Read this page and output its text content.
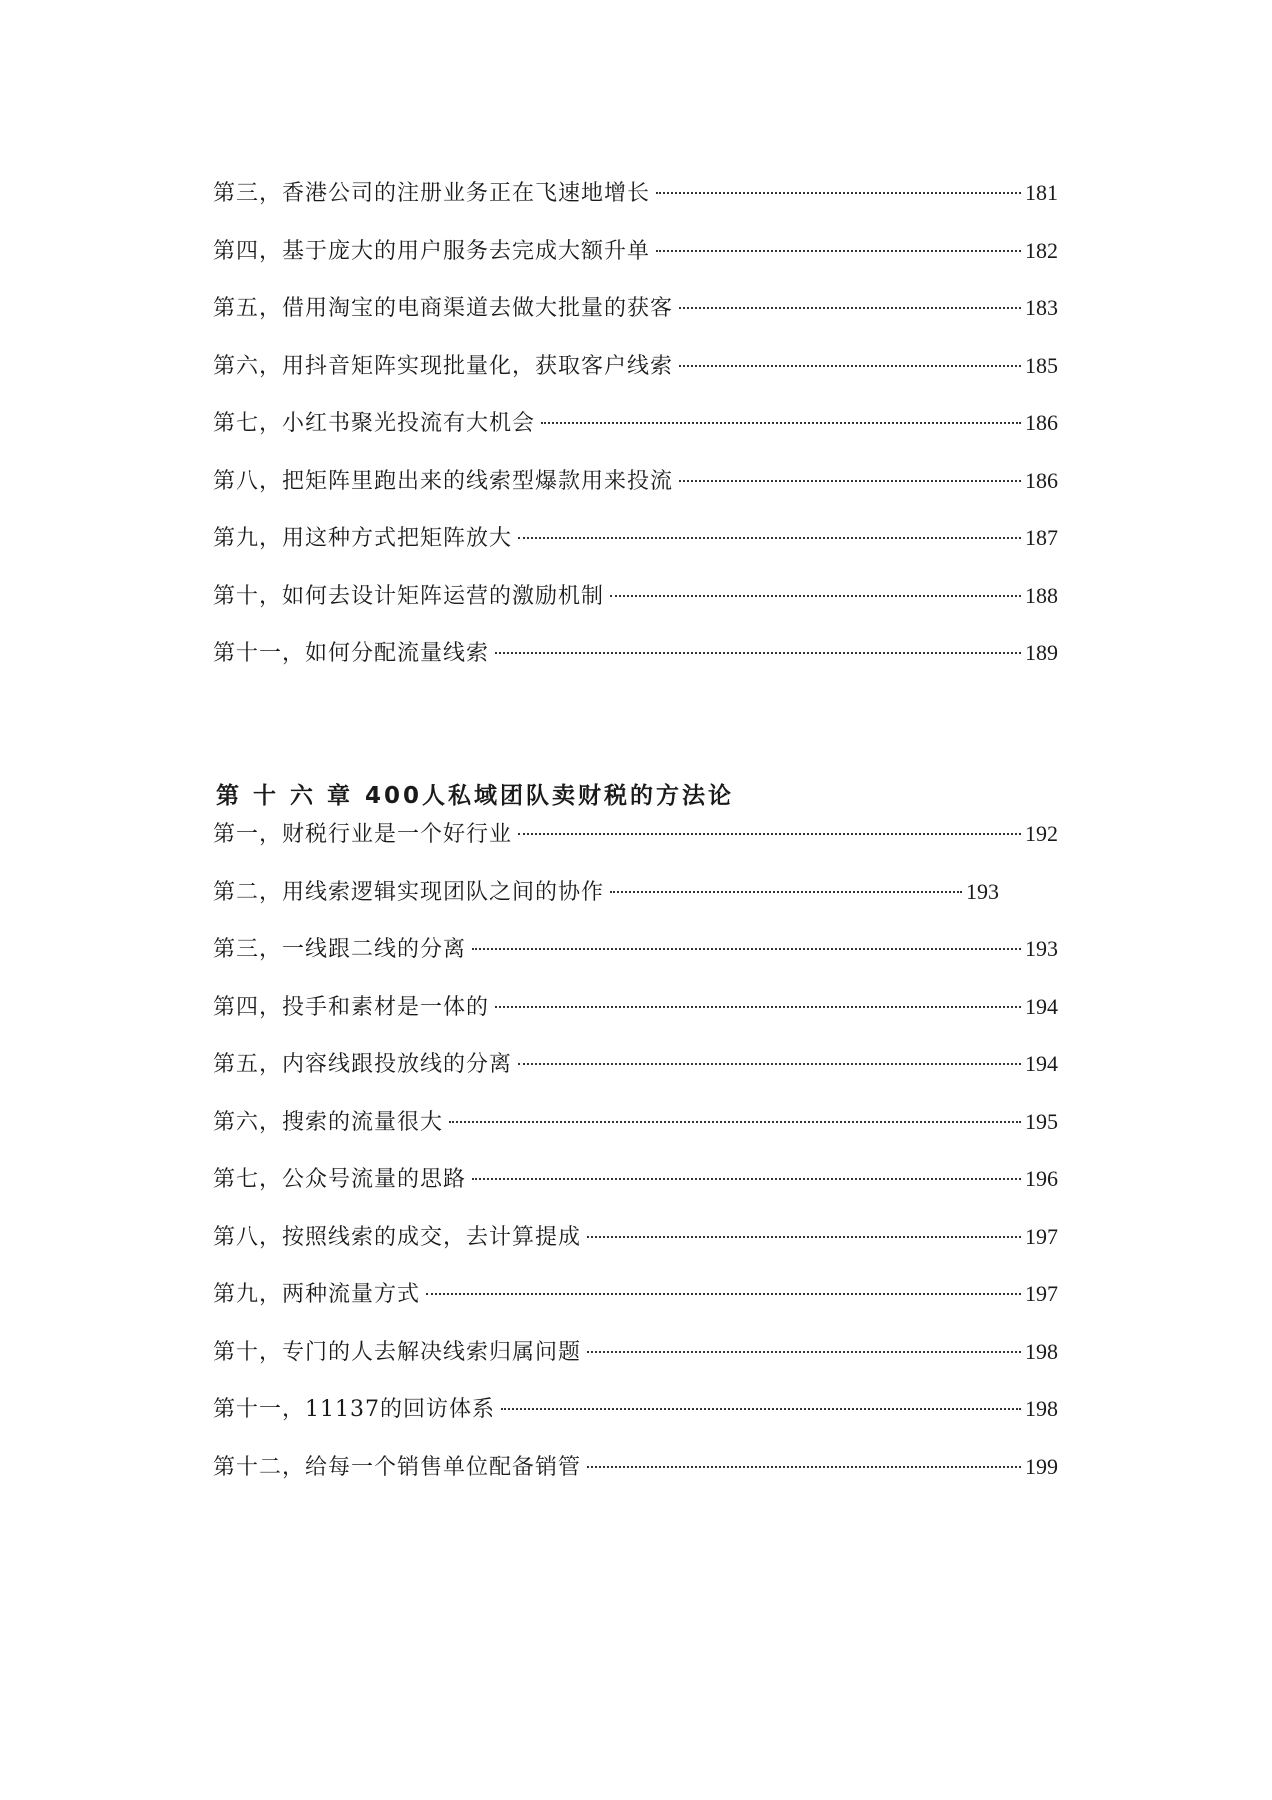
第三，香港公司的注册业务正在飞速地增长	181
第四，基于庞大的用户服务去完成大额升单	182
第五，借用淘宝的电商渠道去做大批量的获客	183
第六，用抖音矩阵实现批量化，获取客户线索	185
第七，小红书聚光投流有大机会	186
第八，把矩阵里跑出来的线索型爆款用来投流	186
第九，用这种方式把矩阵放大	187
第十，如何去设计矩阵运营的激励机制	188
第十一，如何分配流量线索	189
第 十 六 章 400人私域团队卖财税的方法论
第一，财税行业是一个好行业	192
第二，用线索逻辑实现团队之间的协作	193
第三，一线跟二线的分离	193
第四，投手和素材是一体的	194
第五，内容线跟投放线的分离	194
第六，搜索的流量很大	195
第七，公众号流量的思路	196
第八，按照线索的成交，去计算提成	197
第九，两种流量方式	197
第十，专门的人去解决线索归属问题	198
第十一，11137的回访体系	198
第十二，给每一个销售单位配备销管	199
